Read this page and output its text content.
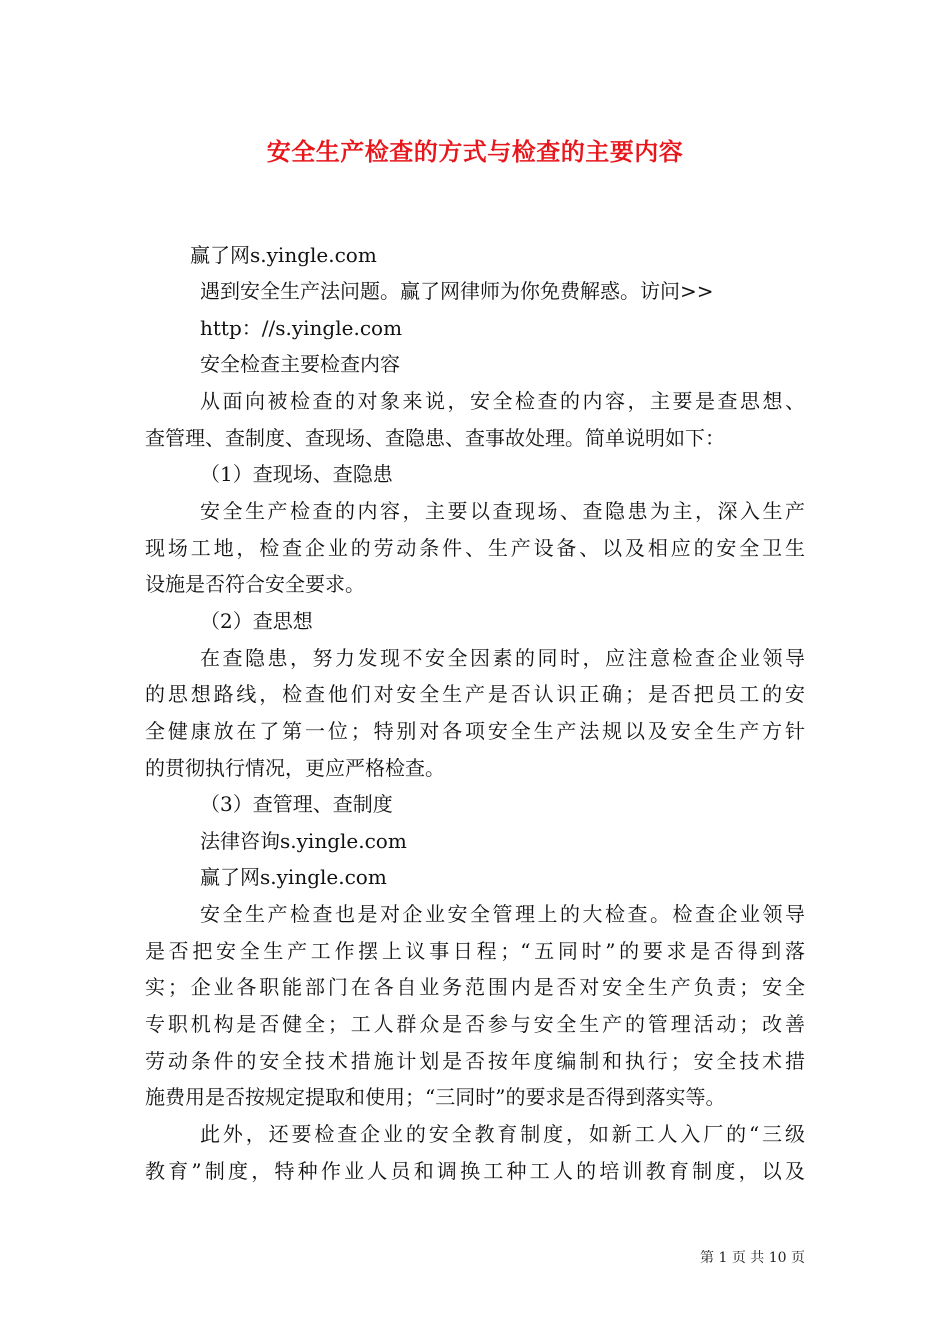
安全生产检查的方式与检查的主要内容
赢了网s.yingle.com
遇到安全生产法问题。赢了网律师为你免费解惑。访问>>
http：//s.yingle.com
安全检查主要检查内容
从面向被检查的对象来说，安全检查的内容，主要是查思想、
查管理、查制度、查现场、查隐患、查事故处理。简单说明如下：
（1）查现场、查隐患
安全生产检查的内容，主要以查现场、查隐患为主，深入生产
现场工地，检查企业的劳动条件、生产设备、以及相应的安全卫生
设施是否符合安全要求。
（2）查思想
在查隐患，努力发现不安全因素的同时，应注意检查企业领导
的思想路线，检查他们对安全生产是否认识正确；是否把员工的安
全健康放在了第一位；特别对各项安全生产法规以及安全生产方针
的贯彻执行情况，更应严格检查。
（3）查管理、查制度
法律咨询s.yingle.com
赢了网s.yingle.com
安全生产检查也是对企业安全管理上的大检查。检查企业领导
是否把安全生产工作摆上议事日程；“五同时”的要求是否得到落
实；企业各职能部门在各自业务范围内是否对安全生产负责；安全
专职机构是否健全；工人群众是否参与安全生产的管理活动；改善
劳动条件的安全技术措施计划是否按年度编制和执行；安全技术措
施费用是否按规定提取和使用；“三同时”的要求是否得到落实等。
此外，还要检查企业的安全教育制度，如新工人入厂的“三级
教育”制度，特种作业人员和调换工种工人的培训教育制度，以及
第 1 页 共 10 页
